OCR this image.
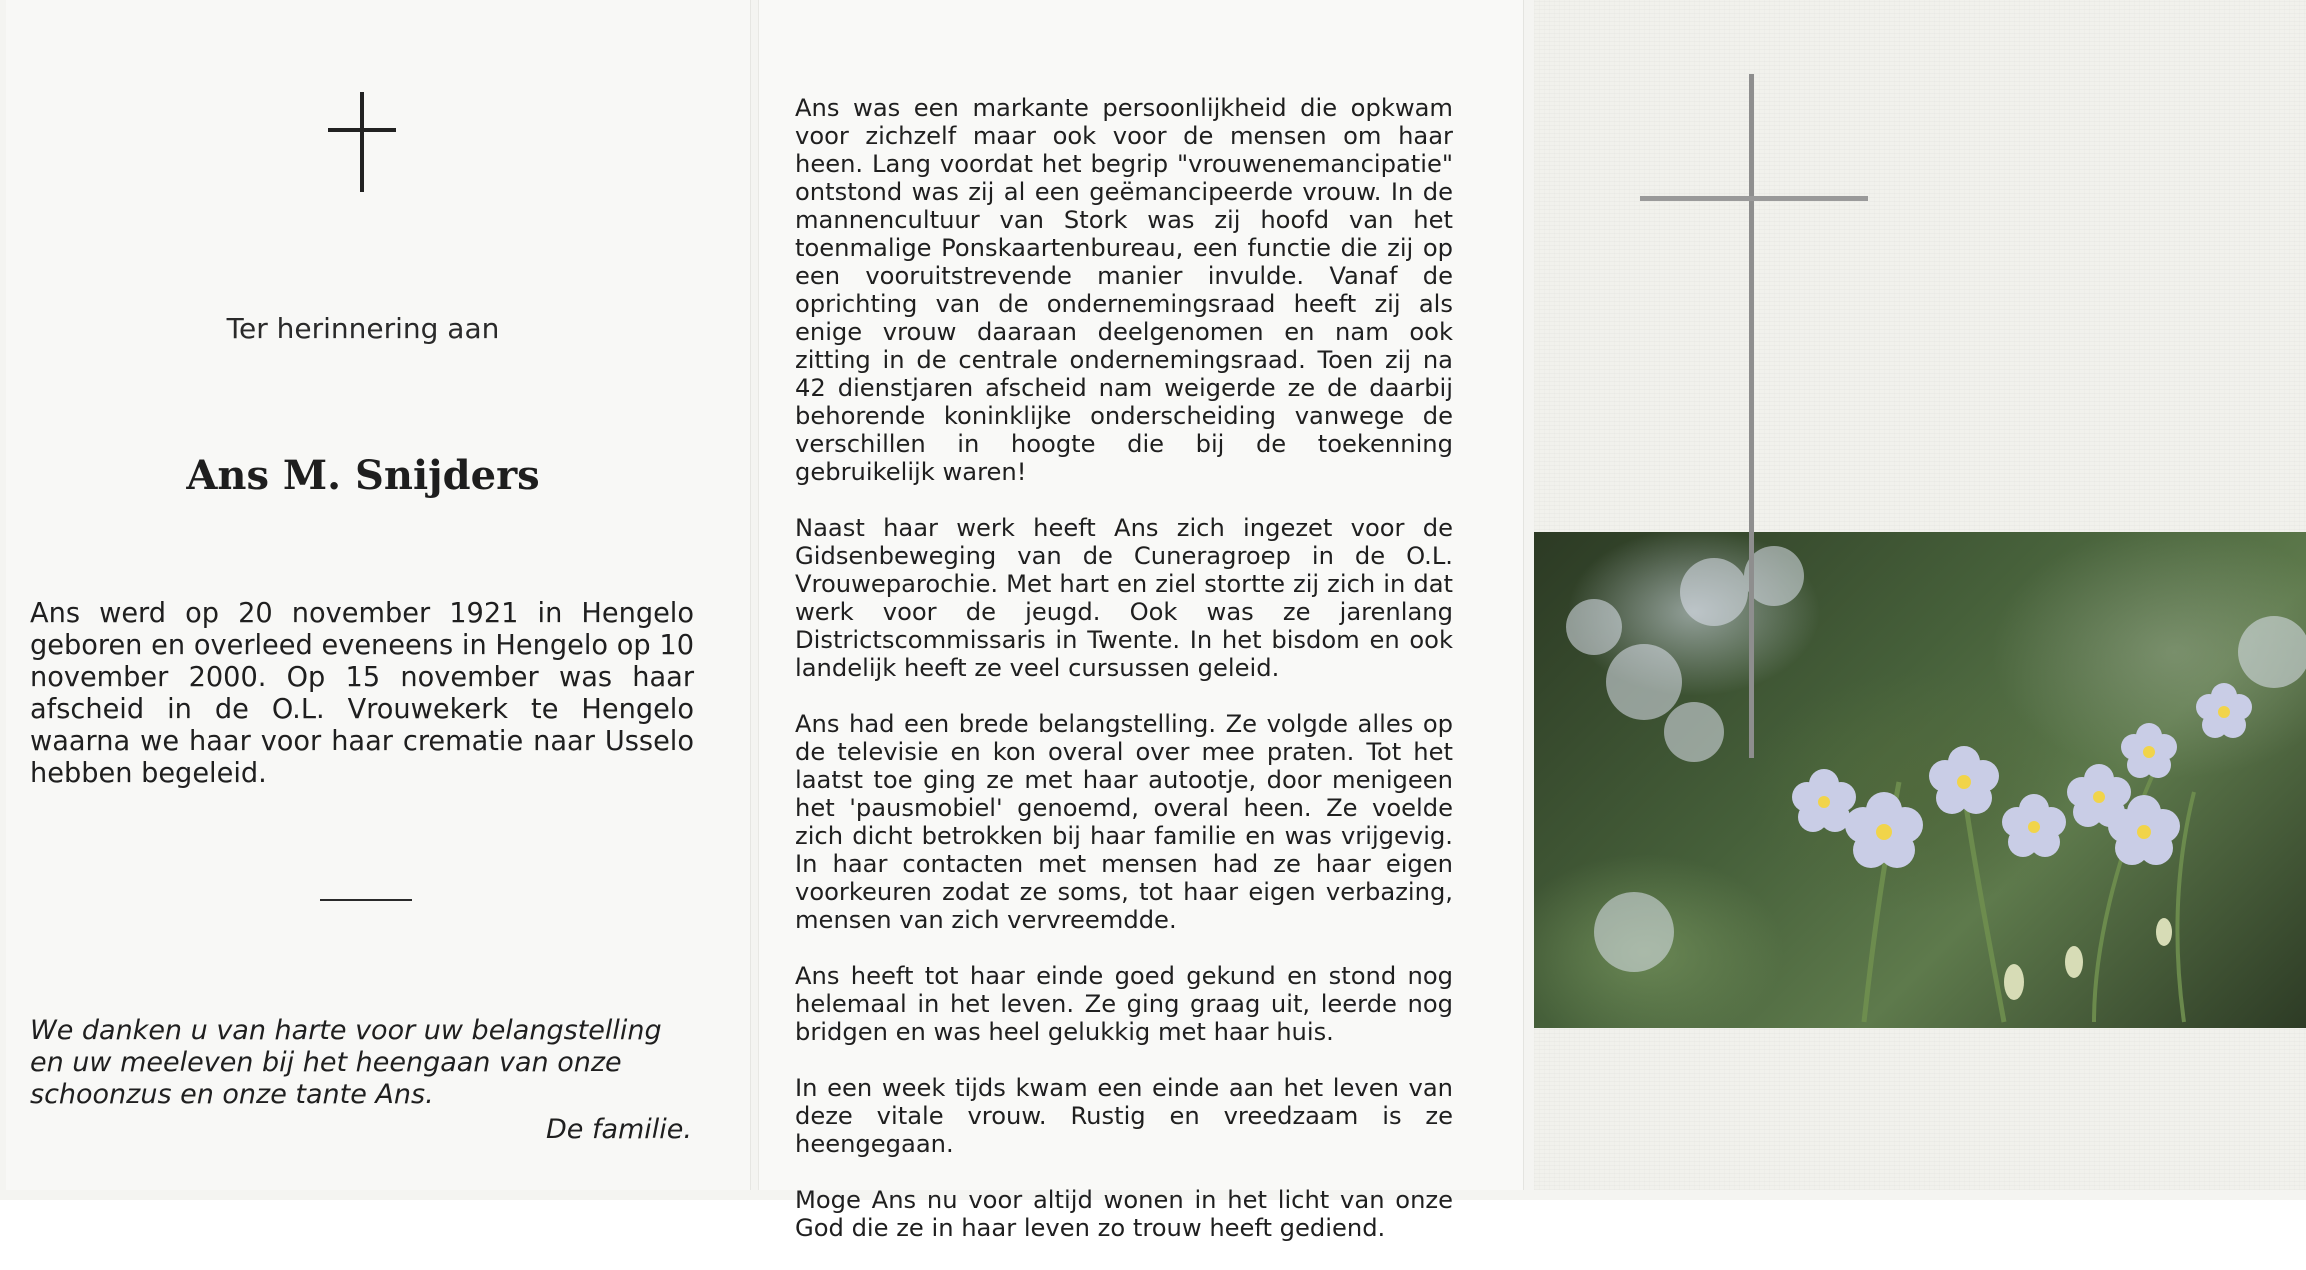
Ter herinnering aan
Ans M. Snijders
Ans werd op 20 november 1921 in Hengelo geboren en overleed eveneens in Hengelo op 10 november 2000. Op 15 november was haar afscheid in de O.L. Vrouwekerk te Hengelo waarna we haar voor haar crematie naar Usselo hebben begeleid.
We danken u van harte voor uw belangstelling en uw meeleven bij het heengaan van onze schoonzus en onze tante Ans.
De familie.

Ans was een markante persoonlijkheid die opkwam voor zichzelf maar ook voor de mensen om haar heen. Lang voordat het begrip "vrouwenemancipatie" ontstond was zij al een geëmancipeerde vrouw. In de mannencultuur van Stork was zij hoofd van het toenmalige Ponskaartenbureau, een functie die zij op een vooruitstrevende manier invulde. Vanaf de oprichting van de ondernemingsraad heeft zij als enige vrouw daaraan deelgenomen en nam ook zitting in de centrale ondernemingsraad. Toen zij na 42 dienstjaren afscheid nam weigerde ze de daarbij behorende koninklijke onderscheiding vanwege de verschillen in hoogte die bij de toekenning gebruikelijk waren!

Naast haar werk heeft Ans zich ingezet voor de Gidsenbeweging van de Cuneragroep in de O.L. Vrouweparochie. Met hart en ziel stortte zij zich in dat werk voor de jeugd. Ook was ze jarenlang Districtscommissaris in Twente. In het bisdom en ook landelijk heeft ze veel cursussen geleid.

Ans had een brede belangstelling. Ze volgde alles op de televisie en kon overal over mee praten. Tot het laatst toe ging ze met haar autootje, door menigeen het 'pausmobiel' genoemd, overal heen. Ze voelde zich dicht betrokken bij haar familie en was vrijgevig. In haar contacten met mensen had ze haar eigen voorkeuren zodat ze soms, tot haar eigen verbazing, mensen van zich vervreemdde.

Ans heeft tot haar einde goed gekund en stond nog helemaal in het leven. Ze ging graag uit, leerde nog bridgen en was heel gelukkig met haar huis.

In een week tijds kwam een einde aan het leven van deze vitale vrouw. Rustig en vreedzaam is ze heengegaan.

Moge Ans nu voor altijd wonen in het licht van onze God die ze in haar leven zo trouw heeft gediend.
